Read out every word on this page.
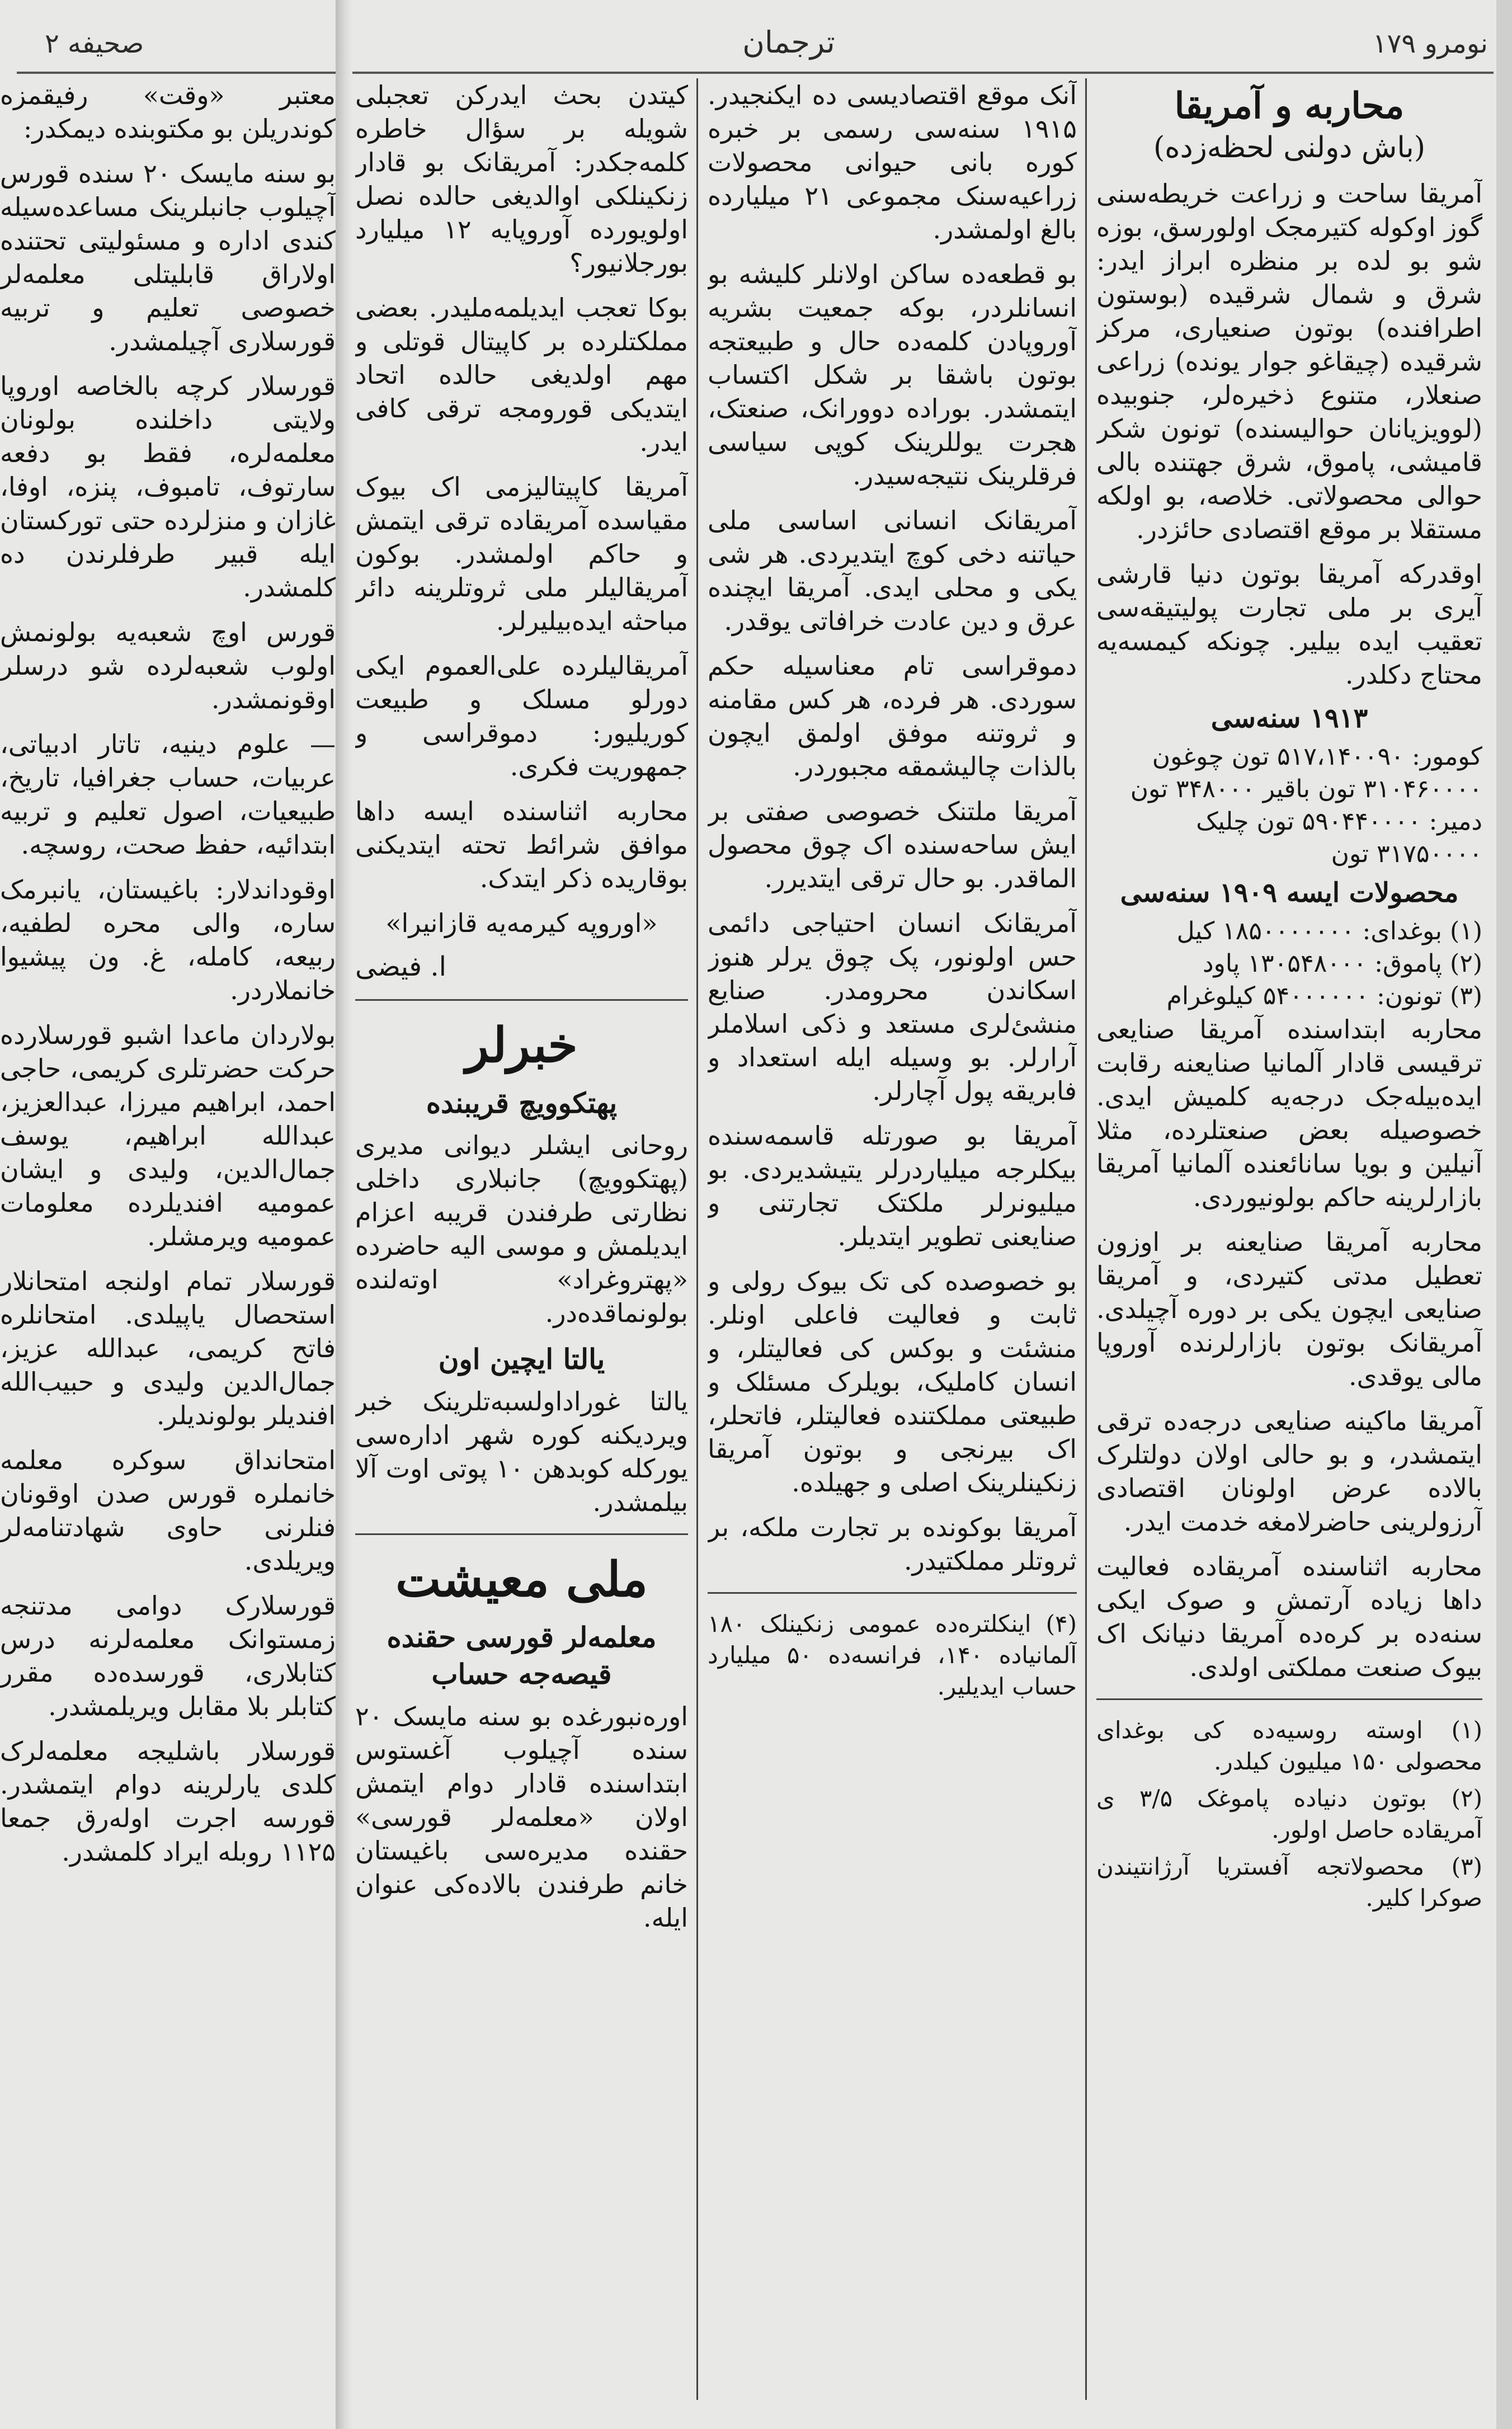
نومرو ۱۷۹
ترجمان
صحیفه ۲
محاربه و آمریقا
(باش دولنی لحظه‌زده)

آمریقا ساحت و زراعت خریطه‌سنی گوز اوکوله کتیرمجک اولورسق، بوزه شو بو لده بر منظره ابراز ایدر: شرق و شمال شرقیده (بوستون اطرافنده) بوتون صنعیاری، مرکز شرقیده (چیقاغو جوار یونده) زراعی صنعلار، متنوع ذخیره‌لر، جنوبیده (لوویزیانان حوالیسنده) تونون شکر قامیشی، پاموق، شرق جهتنده بالی حوالی محصولاتی. خلاصه، بو اولکه مستقلا بر موقع اقتصادی حائزدر.

اوقدرکه آمریقا بوتون دنیا قارشی آیری بر ملی تجارت پولیتیقه‌سی تعقیب ایده بیلیر. چونکه کیمسه‌یه محتاج دکلدر.

۱۹۱۳ سنه‌سی

کومور: ۵۱۷،۱۴۰۰۹۰ تون چوغون

۳۱۰۴۶۰۰۰۰ تون باقیر ۳۴۸۰۰۰ تون

دمیر: ۵۹۰۴۴۰۰۰۰ تون چلیک

۳۱۷۵۰۰۰۰ تون

محصولات ایسه ۱۹۰۹ سنه‌سی

(۱) بوغدای: ۱۸۵۰۰۰۰۰۰۰ کیل

(۲) پاموق: ۱۳۰۵۴۸۰۰۰ پاود

(۳) تونون: ۵۴۰۰۰۰۰۰ کیلوغرام

محاربه ابتداسنده آمریقا صنایعی ترقیسی قادار آلمانیا صنایعنه رقابت ایده‌بیله‌جک درجه‌یه کلمیش ایدی. خصوصیله بعض صنعتلرده، مثلا آنیلین و بویا سانائعنده آلمانیا آمریقا بازارلرینه حاکم بولونیوردی.

محاربه آمریقا صنایعنه بر اوزون تعطیل مدتی کتیردی، و آمریقا صنایعی ایچون یکی بر دوره آچیلدی. آمریقانک بوتون بازارلرنده آوروپا مالی یوقدی.

آمریقا ماکینه صنایعی درجه‌ده ترقی ایتمشدر، و بو حالی اولان دولتلرک بالاده عرض اولونان اقتصادی آرزولرینی حاضرلامغه خدمت ایدر.

محاربه اثناسنده آمریقاده فعالیت داها زیاده آرتمش و صوک ایکی سنه‌ده بر کره‌ده آمریقا دنیانک اک بیوک صنعت مملکتی اولدی.

(۱) اوسته روسیه‌ده کی بوغدای محصولی ۱۵۰ میلیون کیلدر.

(۲) بوتون دنیاده پاموغک ۳/۵ ی آمریقاده حاصل اولور.

(۳) محصولاتجه آفستریا آرژانتیندن صوکرا کلیر.

آنک موقع اقتصادیسی ده ایکنجیدر. ۱۹۱۵ سنه‌سی رسمی بر خبره کوره بانی حیوانی محصولات زراعیه‌سنک مجموعی ۲۱ میلیارده بالغ اولمشدر.

بو قطعه‌ده ساکن اولانلر کلیشه بو انسانلردر، بوکه جمعیت بشریه آوروپادن کلمه‌ده حال و طبیعتجه بوتون باشقا بر شکل اکتساب ایتمشدر. بوراده دوورانک، صنعتک، هجرت یوللرینک کوپی سیاسی فرقلرینک نتیجه‌سیدر.

آمریقانک انسانی اساسی ملی حیاتنه دخی کوچ ایتدیردی. هر شی یکی و محلی ایدی. آمریقا ایچنده عرق و دین عادت خرافاتی یوقدر.

دموقراسی تام معناسیله حکم سوردی. هر فرده، هر کس مقامنه و ثروتنه موفق اولمق ایچون بالذات چالیشمقه مجبوردر.

آمریقا ملتنک خصوصی صفتی بر ایش ساحه‌سنده اک چوق محصول الماقدر. بو حال ترقی ایتدیرر.

آمریقانک انسان احتیاجی دائمی حس اولونور، پک چوق یرلر هنوز اسکاندن محرومدر. صنایع منشئ‌لری مستعد و ذکی اسلاملر آرارلر. بو وسیله ایله استعداد و فابریقه پول آچارلر.

آمریقا بو صورتله قاسمه‌سنده بیکلرجه میلیاردرلر یتیشدیردی. بو میلیونرلر ملکتک تجارتنی و صنایعنی تطویر ایتدیلر.

بو خصوصده کی تک بیوک رولی و ثابت و فعالیت فاعلی اونلر. منشئت و بوکس کی فعالیتلر، و انسان کاملیک، بویلرک مسئلک و طبیعتی مملکتنده فعالیتلر، فاتحلر، اک بیرنجی و بوتون آمریقا زنکینلرینک اصلی و جهیلده.

آمریقا بوکونده بر تجارت ملکه، بر ثروتلر مملکتیدر.

(۴) اینکلتره‌ده عمومی زنکینلک ۱۸۰ آلمانیاده ۱۴۰، فرانسه‌ده ۵۰ میلیارد حساب ایدیلیر.

کیتدن بحث ایدرکن تعجبلی شویله بر سؤال خاطره کلمه‌جکدر: آمریقانک بو قادار زنکینلکی اوالدیغی حالده نصل اولویورده آوروپایه ۱۲ میلیارد بورجلانیور؟

بوکا تعجب ایدیلمه‌ملیدر. بعضی مملکتلرده بر کاپیتال قوتلی و مهم اولدیغی حالده اتحاد ایتدیکی قورومجه ترقی کافی ایدر.

آمریقا کاپیتالیزمی اک بیوک مقیاسده آمریقاده ترقی ایتمش و حاکم اولمشدر. بوکون آمریقالیلر ملی ثروتلرینه دائر مباحثه ایده‌بیلیرلر.

آمریقالیلرده علی‌العموم ایکی دورلو مسلک و طبیعت کوریلیور: دموقراسی و جمهوریت فکری.

محاربه اثناسنده ایسه داها موافق شرائط تحته ایتدیکنی بوقاریده ذکر ایتدک.

«اوروپه کیرمه‌یه قازانیرا»

ا. فیضی
خبرلر
پهتکوویچ قریبنده

روحانی ایشلر دیوانی مدیری (پهتکوویچ) جانبلاری داخلی نظارتی طرفندن قریبه اعزام ایدیلمش و موسی الیه حاضرده «پهتروغراد» اوته‌لنده بولونماقده‌در.

یالتا ایچین اون

یالتا غوراداولسبه‌تلرینک خبر ویردیکنه کوره شهر اداره‌سی یورکله کوبدهن ۱۰ پوتی اوت آلا بیلمشدر.

ملی معیشت
معلمه‌لر قورسی حقنده قیصه‌جه حساب

اوره‌نبورغده بو سنه مایسک ۲۰ سنده آچیلوب آغستوس ابتداسنده قادار دوام ایتمش اولان «معلمه‌لر قورسی» حقنده مدیره‌سی باغیستان خانم طرفندن بالاده‌کی عنوان ایله.

معتبر «وقت» رفیقمزه کوندریلن بو مکتوبنده دیمکدر:

بو سنه مایسک ۲۰ سنده قورس آچیلوب جانبلرینک مساعده‌سیله کندی اداره و مسئولیتی تحتنده اولاراق قابلیتلی معلمه‌لر خصوصی تعلیم و تربیه قورسلاری آچیلمشدر.

قورسلار کرچه بالخاصه اوروپا ولایتی داخلنده بولونان معلمه‌لره، فقط بو دفعه سارتوف، تامبوف، پنزه، اوفا، غازان و منزلرده حتی تورکستان ایله قبیر طرفلرندن ده کلمشدر.

قورس اوچ شعبه‌یه بولونمش اولوب شعبه‌لرده شو درسلر اوقونمشدر.

— علوم دینیه، تاتار ادبیاتی، عربیات، حساب جغرافیا، تاریخ، طبیعیات، اصول تعلیم و تربیه ابتدائیه، حفظ صحت، روسچه.

اوقوداندلار: باغیستان، یانبرمک ساره، والی محره لطفیه، ربیعه، کامله، غ. ون پیشیوا خانملاردر.

بولاردان ماعدا اشبو قورسلارده حرکت حضرتلری کریمی، حاجی احمد، ابراهیم میرزا، عبدالعزیز، عبدالله ابراهیم، یوسف جمال‌الدین، ولیدی و ایشان عمومیه افندیلرده معلومات عمومیه ویرمشلر.

قورسلار تمام اولنجه امتحانلار استحصال یاپیلدی. امتحانلره فاتح کریمی، عبدالله عزیز، جمال‌الدین ولیدی و حبیب‌الله افندیلر بولوندیلر.

امتحانداق سوکره معلمه خانملره قورس صدن اوقونان فنلرنی حاوی شهادتنامه‌لر ویریلدی.

قورسلارک دوامی مدتنجه زمستوانک معلمه‌لرنه درس کتابلاری، قورسده‌ده مقرر کتابلر بلا مقابل ویریلمشدر.

قورسلار باشلیجه معلمه‌لرک کلدی یارلرینه دوام ایتمشدر. قورسه اجرت اوله‌رق جمعا ۱۱۲۵ روبله ایراد کلمشدر.
